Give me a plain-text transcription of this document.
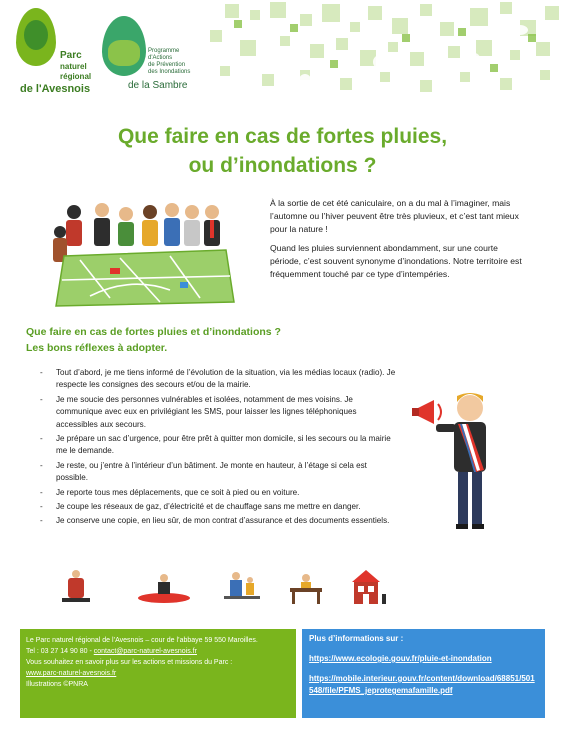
Parc
naturel
régional
de l'Avesnois
Programme
d'Actions
de Prévention
des Inondations
de la Sambre
Que faire en cas de fortes pluies,
ou d’inondations ?

À la sortie de cet été caniculaire, on a du mal à l’imaginer, mais l’automne ou l’hiver peuvent être très pluvieux, et c’est tant mieux pour la nature !

Quand les pluies surviennent abondamment, sur une courte période, c’est souvent synonyme d’inondations. Notre territoire est fréquemment touché par ce type d’intempéries.

Que faire en cas de fortes pluies et d’inondations ?
Les bons réflexes à adopter.
- Tout d’abord, je me tiens informé de l’évolution de la situation, via les médias locaux (radio). Je respecte les consignes des secours et/ou de la mairie.
- Je me soucie des personnes vulnérables et isolées, notamment de mes voisins. Je communique avec eux en privilégiant les SMS, pour laisser les lignes téléphoniques accessibles aux secours.
- Je prépare un sac d’urgence, pour être prêt à quitter mon domicile, si les secours ou la mairie me le demande.
- Je reste, ou j’entre à l’intérieur d’un bâtiment. Je monte en hauteur, à l’étage si cela est possible.
- Je reporte tous mes déplacements, que ce soit à pied ou en voiture.
- Je coupe les réseaux de gaz, d’électricité et de chauffage sans me mettre en danger.
- Je conserve une copie, en lieu sûr, de mon contrat d’assurance et des documents essentiels.
Le Parc naturel régional de l’Avesnois – cour de l’abbaye 59 550 Maroilles.
Tel : 03 27 14 90 80 - contact@parc-naturel-avesnois.fr
Vous souhaitez en savoir plus sur les actions et missions du Parc :
www.parc-naturel-avesnois.fr
Illustrations ©PNRA
Plus d’informations sur :
https://www.ecologie.gouv.fr/pluie-et-inondation
https://mobile.interieur.gouv.fr/content/download/68851/501548/file/PFMS_jeprotegemafamille.pdf
